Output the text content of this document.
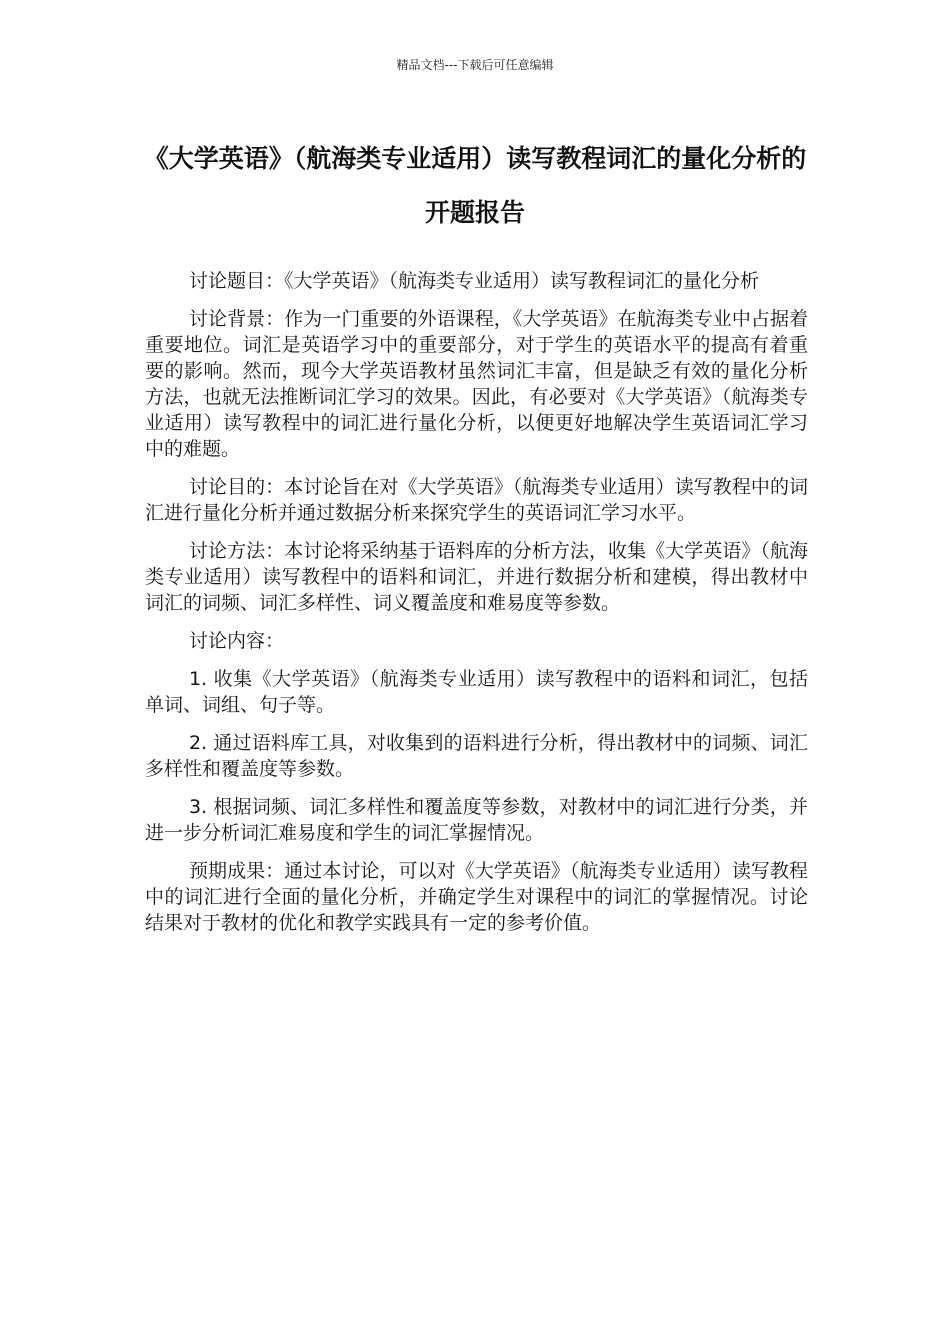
精品文档---下载后可任意编辑
《大学英语》（航海类专业适用）读写教程词汇的量化分析的开题报告

讨论题目：《大学英语》（航海类专业适用）读写教程词汇的量化分析

讨论背景：作为一门重要的外语课程，《大学英语》在航海类专业中占据着重要地位。词汇是英语学习中的重要部分，对于学生的英语水平的提高有着重要的影响。然而，现今大学英语教材虽然词汇丰富，但是缺乏有效的量化分析方法，也就无法推断词汇学习的效果。因此，有必要对《大学英语》（航海类专业适用）读写教程中的词汇进行量化分析，以便更好地解决学生英语词汇学习中的难题。

讨论目的：本讨论旨在对《大学英语》（航海类专业适用）读写教程中的词汇进行量化分析并通过数据分析来探究学生的英语词汇学习水平。

讨论方法：本讨论将采纳基于语料库的分析方法，收集《大学英语》（航海类专业适用）读写教程中的语料和词汇，并进行数据分析和建模，得出教材中词汇的词频、词汇多样性、词义覆盖度和难易度等参数。

讨论内容：

1. 收集《大学英语》（航海类专业适用）读写教程中的语料和词汇，包括单词、词组、句子等。

2. 通过语料库工具，对收集到的语料进行分析，得出教材中的词频、词汇多样性和覆盖度等参数。

3. 根据词频、词汇多样性和覆盖度等参数，对教材中的词汇进行分类，并进一步分析词汇难易度和学生的词汇掌握情况。

预期成果：通过本讨论，可以对《大学英语》（航海类专业适用）读写教程中的词汇进行全面的量化分析，并确定学生对课程中的词汇的掌握情况。讨论结果对于教材的优化和教学实践具有一定的参考价值。
